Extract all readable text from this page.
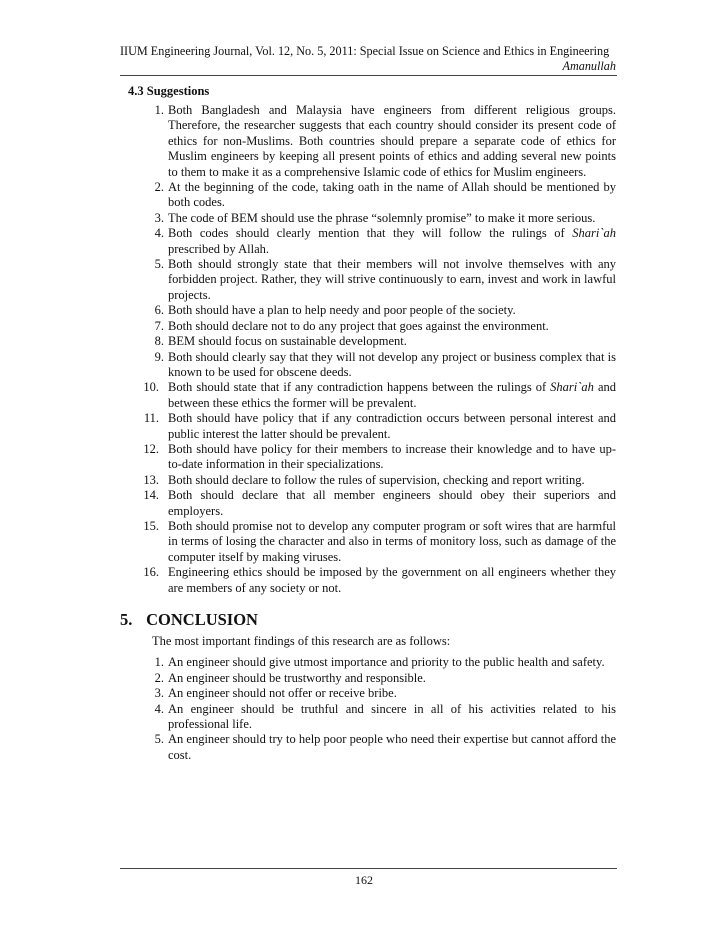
IIUM Engineering Journal, Vol. 12, No. 5, 2011: Special Issue on Science and Ethics in Engineering
Amanullah
4.3 Suggestions
1. Both Bangladesh and Malaysia have engineers from different religious groups. Therefore, the researcher suggests that each country should consider its present code of ethics for non-Muslims. Both countries should prepare a separate code of ethics for Muslim engineers by keeping all present points of ethics and adding several new points to them to make it as a comprehensive Islamic code of ethics for Muslim engineers.
2. At the beginning of the code, taking oath in the name of Allah should be mentioned by both codes.
3. The code of BEM should use the phrase “solemnly promise” to make it more serious.
4. Both codes should clearly mention that they will follow the rulings of Shari`ah prescribed by Allah.
5. Both should strongly state that their members will not involve themselves with any forbidden project. Rather, they will strive continuously to earn, invest and work in lawful projects.
6. Both should have a plan to help needy and poor people of the society.
7. Both should declare not to do any project that goes against the environment.
8. BEM should focus on sustainable development.
9. Both should clearly say that they will not develop any project or business complex that is known to be used for obscene deeds.
10. Both should state that if any contradiction happens between the rulings of Shari`ah and between these ethics the former will be prevalent.
11. Both should have policy that if any contradiction occurs between personal interest and public interest the latter should be prevalent.
12. Both should have policy for their members to increase their knowledge and to have up-to-date information in their specializations.
13. Both should declare to follow the rules of supervision, checking and report writing.
14. Both should declare that all member engineers should obey their superiors and employers.
15. Both should promise not to develop any computer program or soft wires that are harmful in terms of losing the character and also in terms of monitory loss, such as damage of the computer itself by making viruses.
16. Engineering ethics should be imposed by the government on all engineers whether they are members of any society or not.
5. CONCLUSION
The most important findings of this research are as follows:
1. An engineer should give utmost importance and priority to the public health and safety.
2. An engineer should be trustworthy and responsible.
3. An engineer should not offer or receive bribe.
4. An engineer should be truthful and sincere in all of his activities related to his professional life.
5. An engineer should try to help poor people who need their expertise but cannot afford the cost.
162
